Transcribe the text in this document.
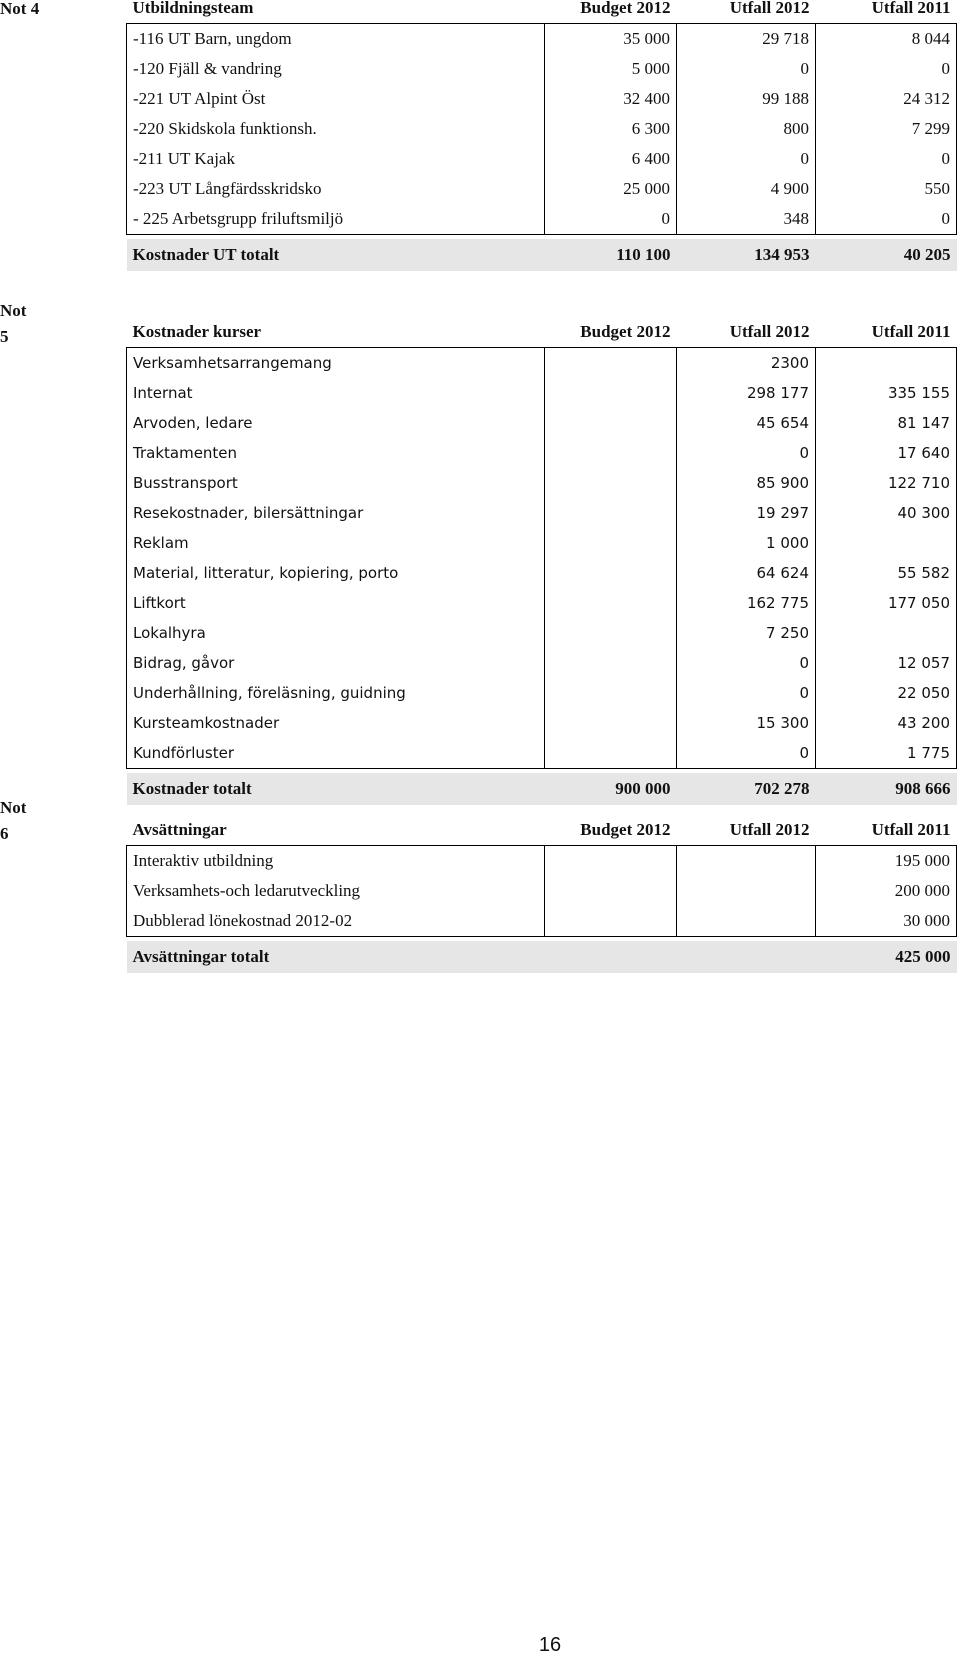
Not 4	Utbildningsteam	Budget 2012	Utfall 2012	Utfall 2011
-116 UT Barn, ungdom	35 000	29 718	8 044
-120 Fjäll & vandring	5 000	0	0
-221 UT Alpint Öst	32 400	99 188	24 312
-220 Skidskola funktionsh.	6 300	800	7 299
-211 UT Kajak	6 400	0	0
-223 UT Långfärdsskridsko	25 000	4 900	550
- 225 Arbetsgrupp friluftsmiljö	0	348	0

Kostnader UT totalt	110 100	134 953	40 205
Not
5	Kostnader kurser	Budget 2012	Utfall 2012	Utfall 2011
Verksamhetsarrangemang		2300	
Internat		298 177	335 155
Arvoden, ledare		45 654	81 147
Traktamenten		0	17 640
Busstransport		85 900	122 710
Resekostnader, bilersättningar		19 297	40 300
Reklam		1 000	
Material, litteratur, kopiering, porto		64 624	55 582
Liftkort		162 775	177 050
Lokalhyra		7 250	
Bidrag, gåvor		0	12 057
Underhållning, föreläsning, guidning		0	22 050
Kursteamkostnader		15 300	43 200
Kundförluster		0	1 775

Kostnader totalt	900 000	702 278	908 666
Not
6	Avsättningar	Budget 2012	Utfall 2012	Utfall 2011
Interaktiv utbildning			195 000
Verksamhets-och ledarutveckling			200 000
Dubblerad lönekostnad 2012-02			30 000

Avsättningar totalt			425 000
16
